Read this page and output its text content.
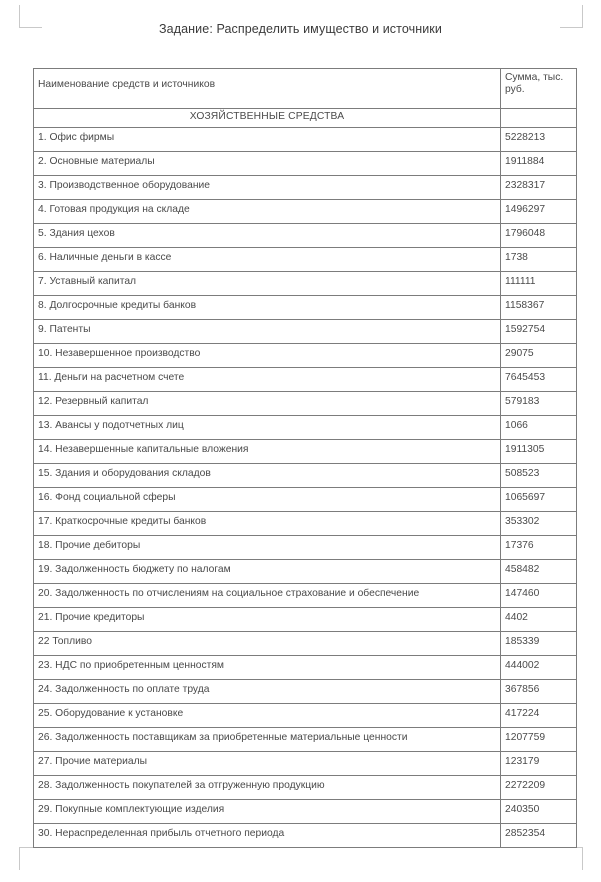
Задание: Распределить имущество и источники
Наименование средств и источников	Сумма, тыс. руб.
ХОЗЯЙСТВЕННЫЕ СРЕДСТВА	
1. Офис фирмы	5228213
2. Основные материалы	1911884
3. Производственное оборудование	2328317
4. Готовая продукция на складе	1496297
5. Здания цехов	1796048
6. Наличные деньги в кассе	1738
7. Уставный капитал	111111
8. Долгосрочные кредиты банков	1158367
9. Патенты	1592754
10. Незавершенное производство	29075
11. Деньги на расчетном счете	7645453
12. Резервный капитал	579183
13. Авансы у подотчетных лиц	1066
14. Незавершенные капитальные вложения	1911305
15. Здания и оборудования складов	508523
16. Фонд социальной сферы	1065697
17. Краткосрочные кредиты банков	353302
18. Прочие дебиторы	17376
19. Задолженность бюджету по налогам	458482
20. Задолженность по отчислениям на социальное страхование и обеспечение	147460
21. Прочие кредиторы	4402
22 Топливо	185339
23. НДС по приобретенным ценностям	444002
24. Задолженность по оплате труда	367856
25. Оборудование к установке	417224
26. Задолженность поставщикам за приобретенные материальные ценности	1207759
27. Прочие материалы	123179
28. Задолженность покупателей за отгруженную продукцию	2272209
29. Покупные комплектующие изделия	240350
30. Нераспределенная прибыль отчетного периода	2852354
